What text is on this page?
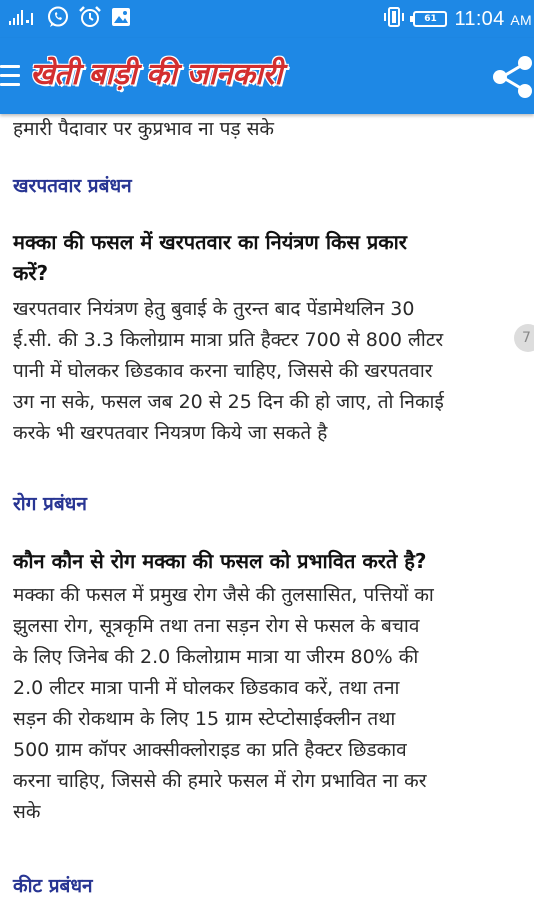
61 11:04 AM
खेती बाड़ी की जानकारी
हमारी पैदावार पर कुप्रभाव ना पड़ सके
खरपतवार प्रबंधन
मक्का की फसल में खरपतवार का नियंत्रण किस प्रकार
करें?
खरपतवार नियंत्रण हेतु बुवाई के तुरन्त बाद पेंडामेथलिन 30
ई.सी. की 3.3 किलोग्राम मात्रा प्रति हैक्टर 700 से 800 लीटर
पानी में घोलकर छिडकाव करना चाहिए, जिससे की खरपतवार
उग ना सके, फसल जब 20 से 25 दिन की हो जाए, तो निकाई
करके भी खरपतवार नियत्रण किये जा सकते है
रोग प्रबंधन
कौन कौन से रोग मक्का की फसल को प्रभावित करते है?
मक्का की फसल में प्रमुख रोग जैसे की तुलसासित, पत्तियों का
झुलसा रोग, सूत्रकृमि तथा तना सड़न रोग से फसल के बचाव
के लिए जिनेब की 2.0 किलोग्राम मात्रा या जीरम 80% की
2.0 लीटर मात्रा पानी में घोलकर छिडकाव करें, तथा तना
सड़न की रोकथाम के लिए 15 ग्राम स्टेप्टोसाईक्लीन तथा
500 ग्राम कॉपर आक्सीक्लोराइड का प्रति हैक्टर छिडकाव
करना चाहिए, जिससे की हमारे फसल में रोग प्रभावित ना कर
सके
कीट प्रबंधन
7
